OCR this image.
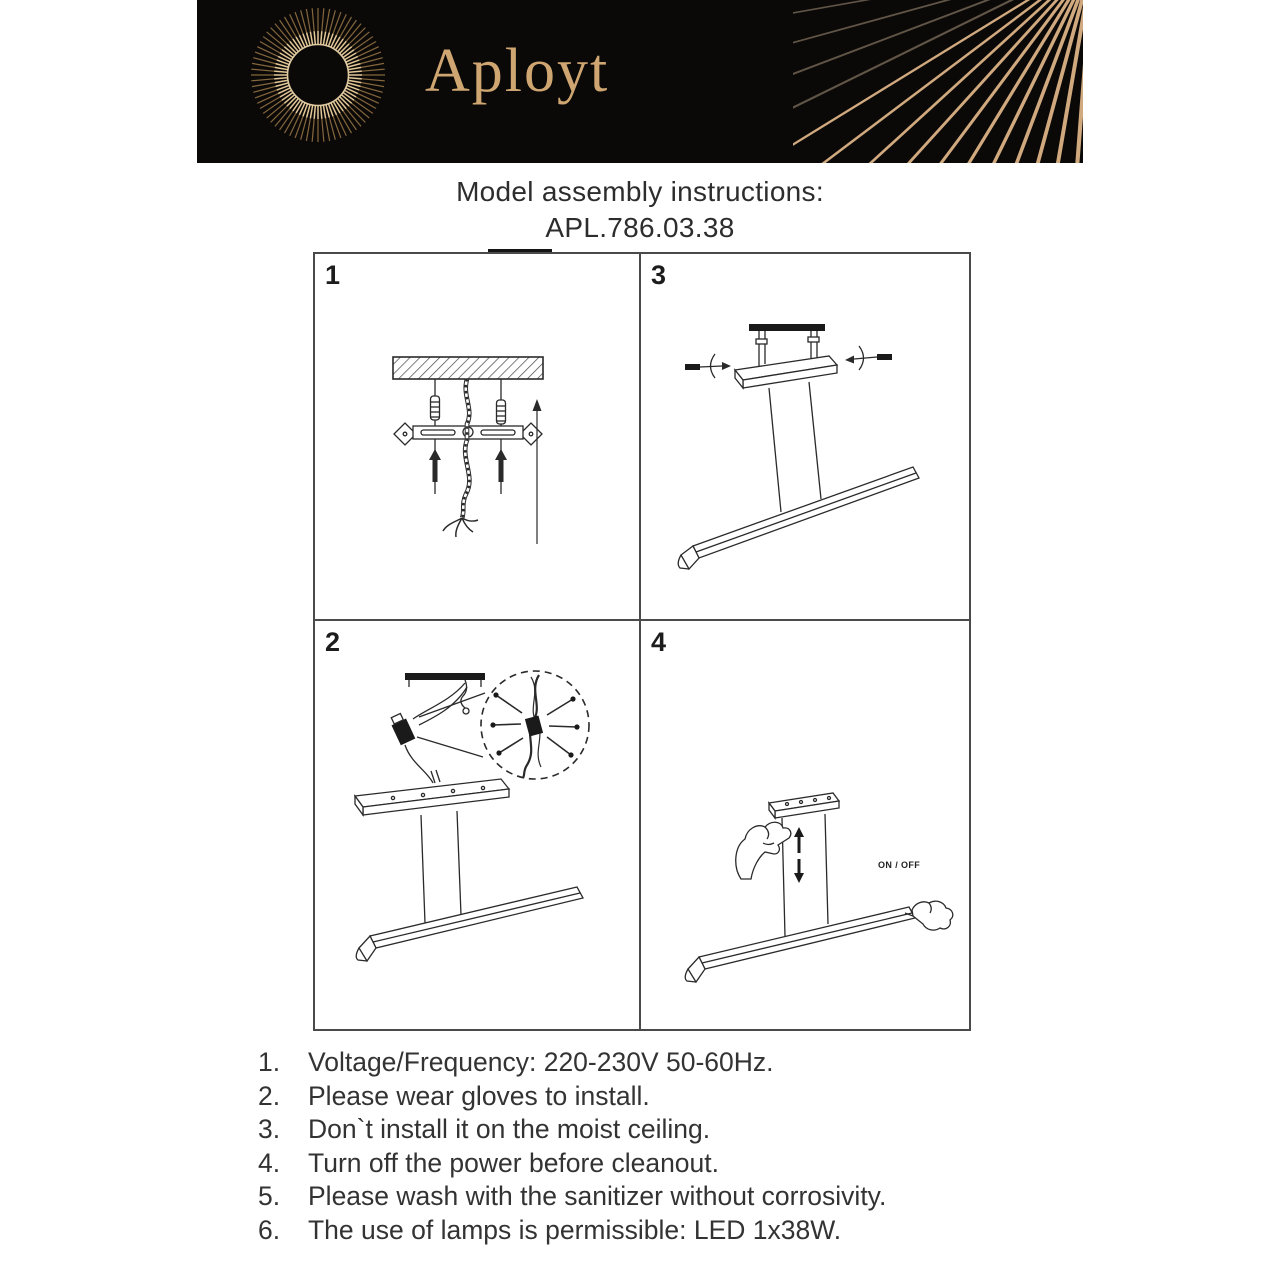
Aployt
Model assembly instructions:
APL.786.03.38
1	3
2	4
ON / OFF
1.	Voltage/Frequency: 220-230V 50-60Hz.
2.	Please wear gloves to install.
3.	Don`t install it on the moist ceiling.
4.	Turn off the power before cleanout.
5.	Please wash with the sanitizer without corrosivity.
6.	The use of lamps is permissible: LED 1x38W.
